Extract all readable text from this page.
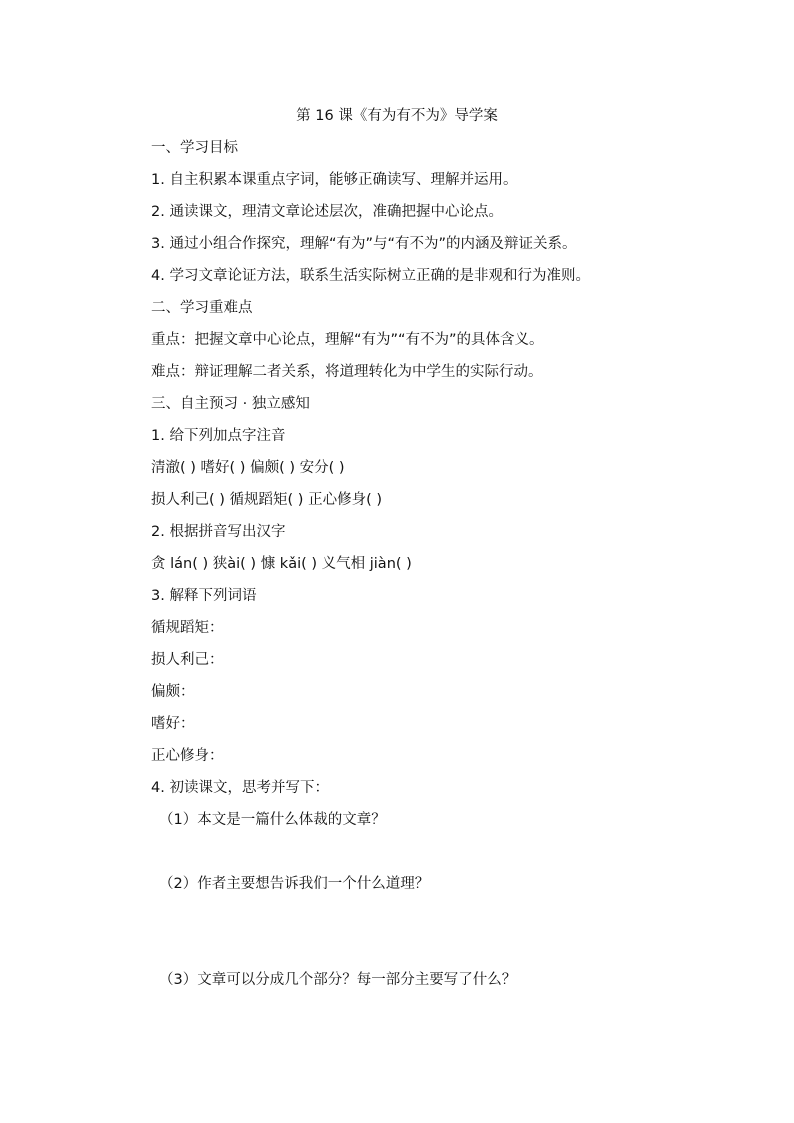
第 16 课《有为有不为》导学案
一、学习目标
1. 自主积累本课重点字词，能够正确读写、理解并运用。
2. 通读课文，理清文章论述层次，准确把握中心论点。
3. 通过小组合作探究，理解“有为”与“有不为”的内涵及辩证关系。
4. 学习文章论证方法，联系生活实际树立正确的是非观和行为准则。
二、学习重难点
重点：把握文章中心论点，理解“有为”“有不为”的具体含义。
难点：辩证理解二者关系，将道理转化为中学生的实际行动。
三、自主预习 · 独立感知
1. 给下列加点字注音
清澈( ) 嗜好( ) 偏颇( ) 安分( )
损人利己( ) 循规蹈矩( ) 正心修身( )
2. 根据拼音写出汉字
贪 lán( ) 狭ài( ) 慷 kǎi( ) 义气相 jiàn( )
3. 解释下列词语
循规蹈矩：
损人利己：
偏颇：
嗜好：
正心修身：
4. 初读课文，思考并写下：
（1）本文是一篇什么体裁的文章？
（2）作者主要想告诉我们一个什么道理？
（3）文章可以分成几个部分？每一部分主要写了什么？
